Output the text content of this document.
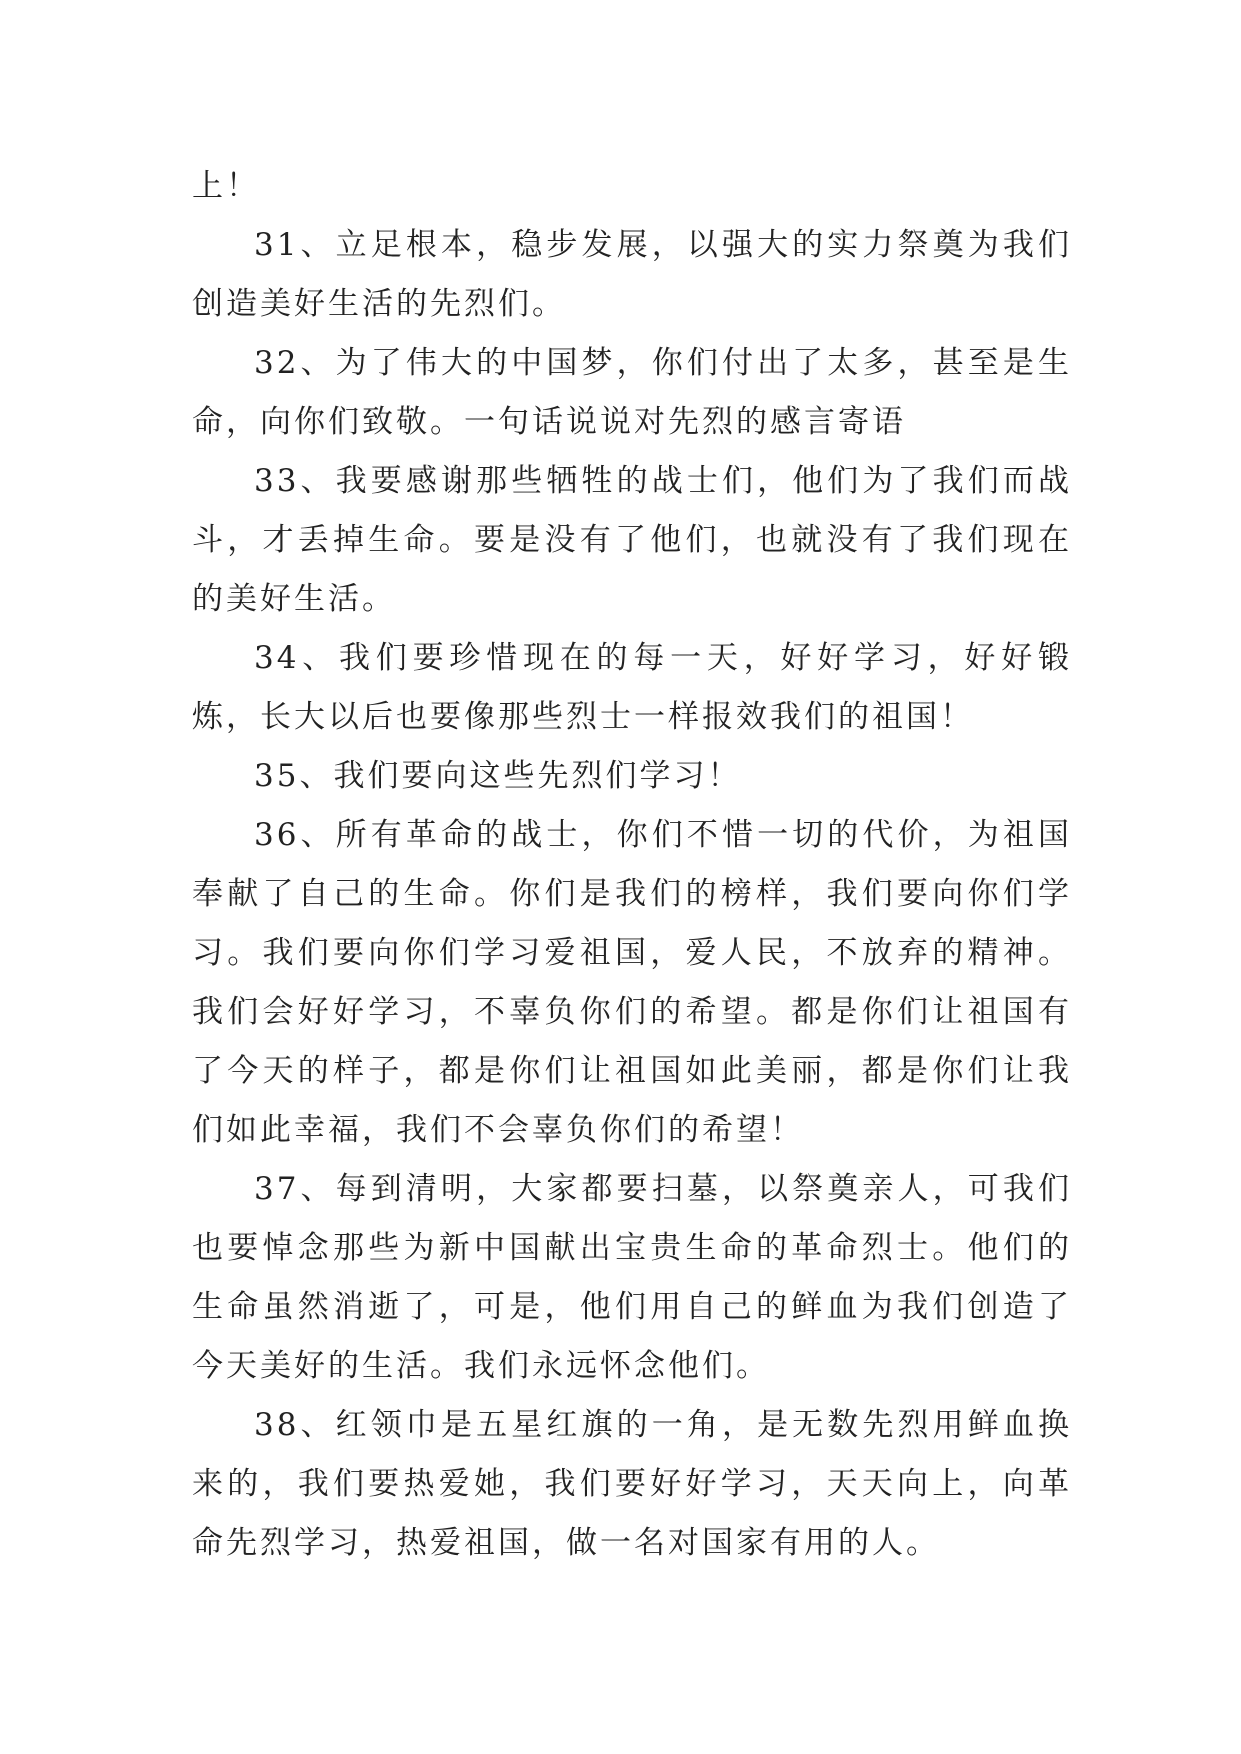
上！

31、立足根本，稳步发展，以强大的实力祭奠为我们创造美好生活的先烈们。

32、为了伟大的中国梦，你们付出了太多，甚至是生命，向你们致敬。一句话说说对先烈的感言寄语

33、我要感谢那些牺牲的战士们，他们为了我们而战斗，才丢掉生命。要是没有了他们，也就没有了我们现在的美好生活。

34、我们要珍惜现在的每一天，好好学习，好好锻炼，长大以后也要像那些烈士一样报效我们的祖国！

35、我们要向这些先烈们学习！

36、所有革命的战士，你们不惜一切的代价，为祖国奉献了自己的生命。你们是我们的榜样，我们要向你们学习。我们要向你们学习爱祖国，爱人民，不放弃的精神。我们会好好学习，不辜负你们的希望。都是你们让祖国有了今天的样子，都是你们让祖国如此美丽，都是你们让我们如此幸福，我们不会辜负你们的希望！

37、每到清明，大家都要扫墓，以祭奠亲人，可我们也要悼念那些为新中国献出宝贵生命的革命烈士。他们的生命虽然消逝了，可是，他们用自己的鲜血为我们创造了今天美好的生活。我们永远怀念他们。

38、红领巾是五星红旗的一角，是无数先烈用鲜血换来的，我们要热爱她，我们要好好学习，天天向上，向革命先烈学习，热爱祖国，做一名对国家有用的人。
